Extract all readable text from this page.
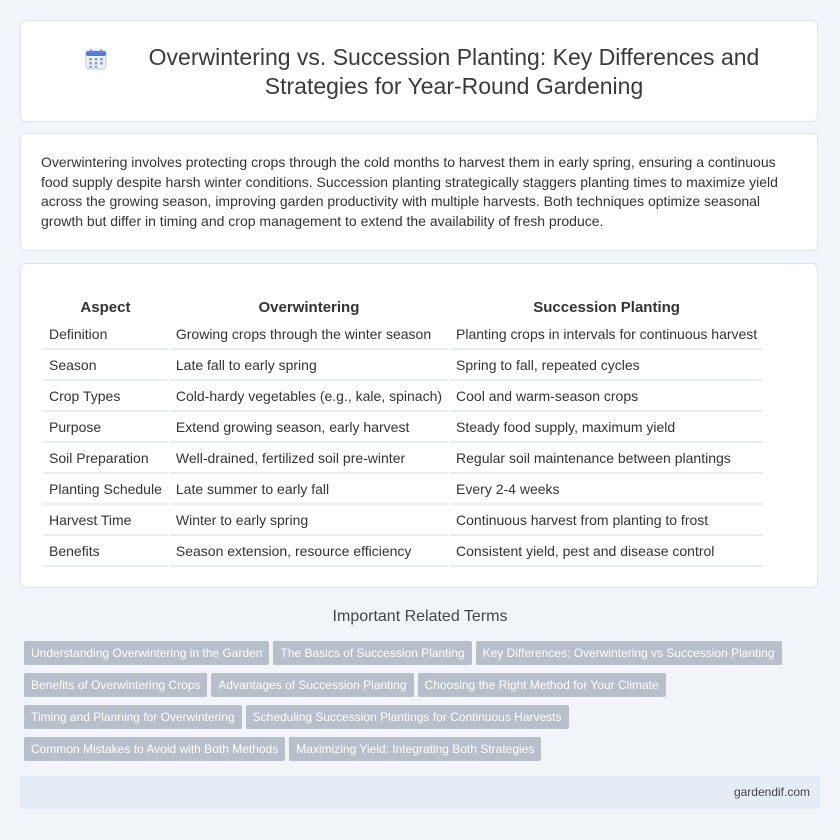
Overwintering vs. Succession Planting: Key Differences and Strategies for Year-Round Gardening

Overwintering involves protecting crops through the cold months to harvest them in early spring, ensuring a continuous food supply despite harsh winter conditions. Succession planting strategically staggers planting times to maximize yield across the growing season, improving garden productivity with multiple harvests. Both techniques optimize seasonal growth but differ in timing and crop management to extend the availability of fresh produce.

Aspect		Overwintering		Succession Planting
Definition		Growing crops through the winter season		Planting crops in intervals for continuous harvest
Season		Late fall to early spring		Spring to fall, repeated cycles
Crop Types		Cold-hardy vegetables (e.g., kale, spinach)		Cool and warm-season crops
Purpose		Extend growing season, early harvest		Steady food supply, maximum yield
Soil Preparation		Well-drained, fertilized soil pre-winter		Regular soil maintenance between plantings
Planting Schedule		Late summer to early fall		Every 2-4 weeks
Harvest Time		Winter to early spring		Continuous harvest from planting to frost
Benefits		Season extension, resource efficiency		Consistent yield, pest and disease control
Important Related Terms
Understanding Overwintering in the Garden The Basics of Succession Planting Key Differences: Overwintering vs Succession Planting
Benefits of Overwintering Crops Advantages of Succession Planting Choosing the Right Method for Your Climate
Timing and Planning for Overwintering Scheduling Succession Plantings for Continuous Harvests
Common Mistakes to Avoid with Both Methods Maximizing Yield: Integrating Both Strategies
gardendif.com
